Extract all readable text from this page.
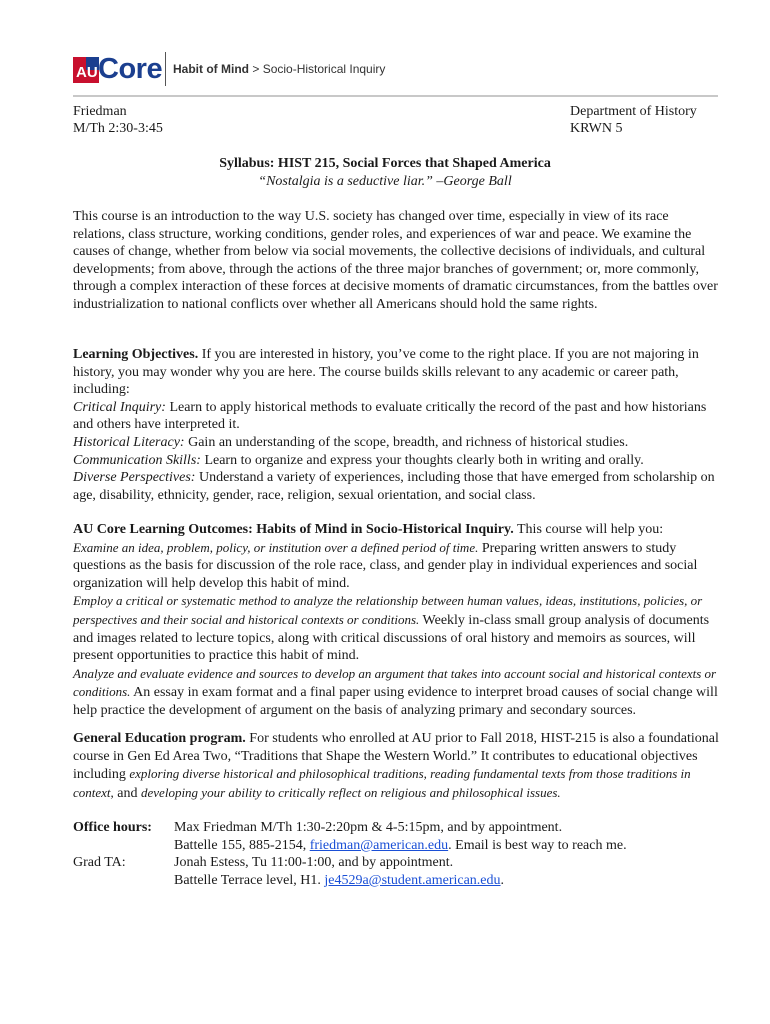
AU Core Habit of Mind > Socio-Historical Inquiry
Friedman
M/Th 2:30-3:45
Department of History
KRWN 5
Syllabus: HIST 215, Social Forces that Shaped America
“Nostalgia is a seductive liar.” –George Ball

This course is an introduction to the way U.S. society has changed over time, especially in view of its race relations, class structure, working conditions, gender roles, and experiences of war and peace. We examine the causes of change, whether from below via social movements, the collective decisions of individuals, and cultural developments; from above, through the actions of the three major branches of government; or, more commonly, through a complex interaction of these forces at decisive moments of dramatic circumstances, from the battles over industrialization to national conflicts over whether all Americans should hold the same rights.

Learning Objectives. If you are interested in history, you’ve come to the right place. If you are not majoring in history, you may wonder why you are here. The course builds skills relevant to any academic or career path, including:

Critical Inquiry: Learn to apply historical methods to evaluate critically the record of the past and how historians and others have interpreted it.

Historical Literacy: Gain an understanding of the scope, breadth, and richness of historical studies.

Communication Skills: Learn to organize and express your thoughts clearly both in writing and orally.

Diverse Perspectives: Understand a variety of experiences, including those that have emerged from scholarship on age, disability, ethnicity, gender, race, religion, sexual orientation, and social class.

AU Core Learning Outcomes: Habits of Mind in Socio-Historical Inquiry. This course will help you:

Examine an idea, problem, policy, or institution over a defined period of time. Preparing written answers to study questions as the basis for discussion of the role race, class, and gender play in individual experiences and social organization will help develop this habit of mind.

Employ a critical or systematic method to analyze the relationship between human values, ideas, institutions, policies, or perspectives and their social and historical contexts or conditions. Weekly in-class small group analysis of documents and images related to lecture topics, along with critical discussions of oral history and memoirs as sources, will present opportunities to practice this habit of mind.

Analyze and evaluate evidence and sources to develop an argument that takes into account social and historical contexts or conditions. An essay in exam format and a final paper using evidence to interpret broad causes of social change will help practice the development of argument on the basis of analyzing primary and secondary sources.

General Education program. For students who enrolled at AU prior to Fall 2018, HIST-215 is also a foundational course in Gen Ed Area Two, “Traditions that Shape the Western World.” It contributes to educational objectives including exploring diverse historical and philosophical traditions, reading fundamental texts from those traditions in context, and developing your ability to critically reflect on religious and philosophical issues.

Office hours:	Max Friedman M/Th 1:30-2:20pm & 4-5:15pm, and by appointment.
Battelle 155, 885-2154, friedman@american.edu. Email is best way to reach me.
Grad TA:	Jonah Estess, Tu 11:00-1:00, and by appointment.
Battelle Terrace level, H1. je4529a@student.american.edu.
